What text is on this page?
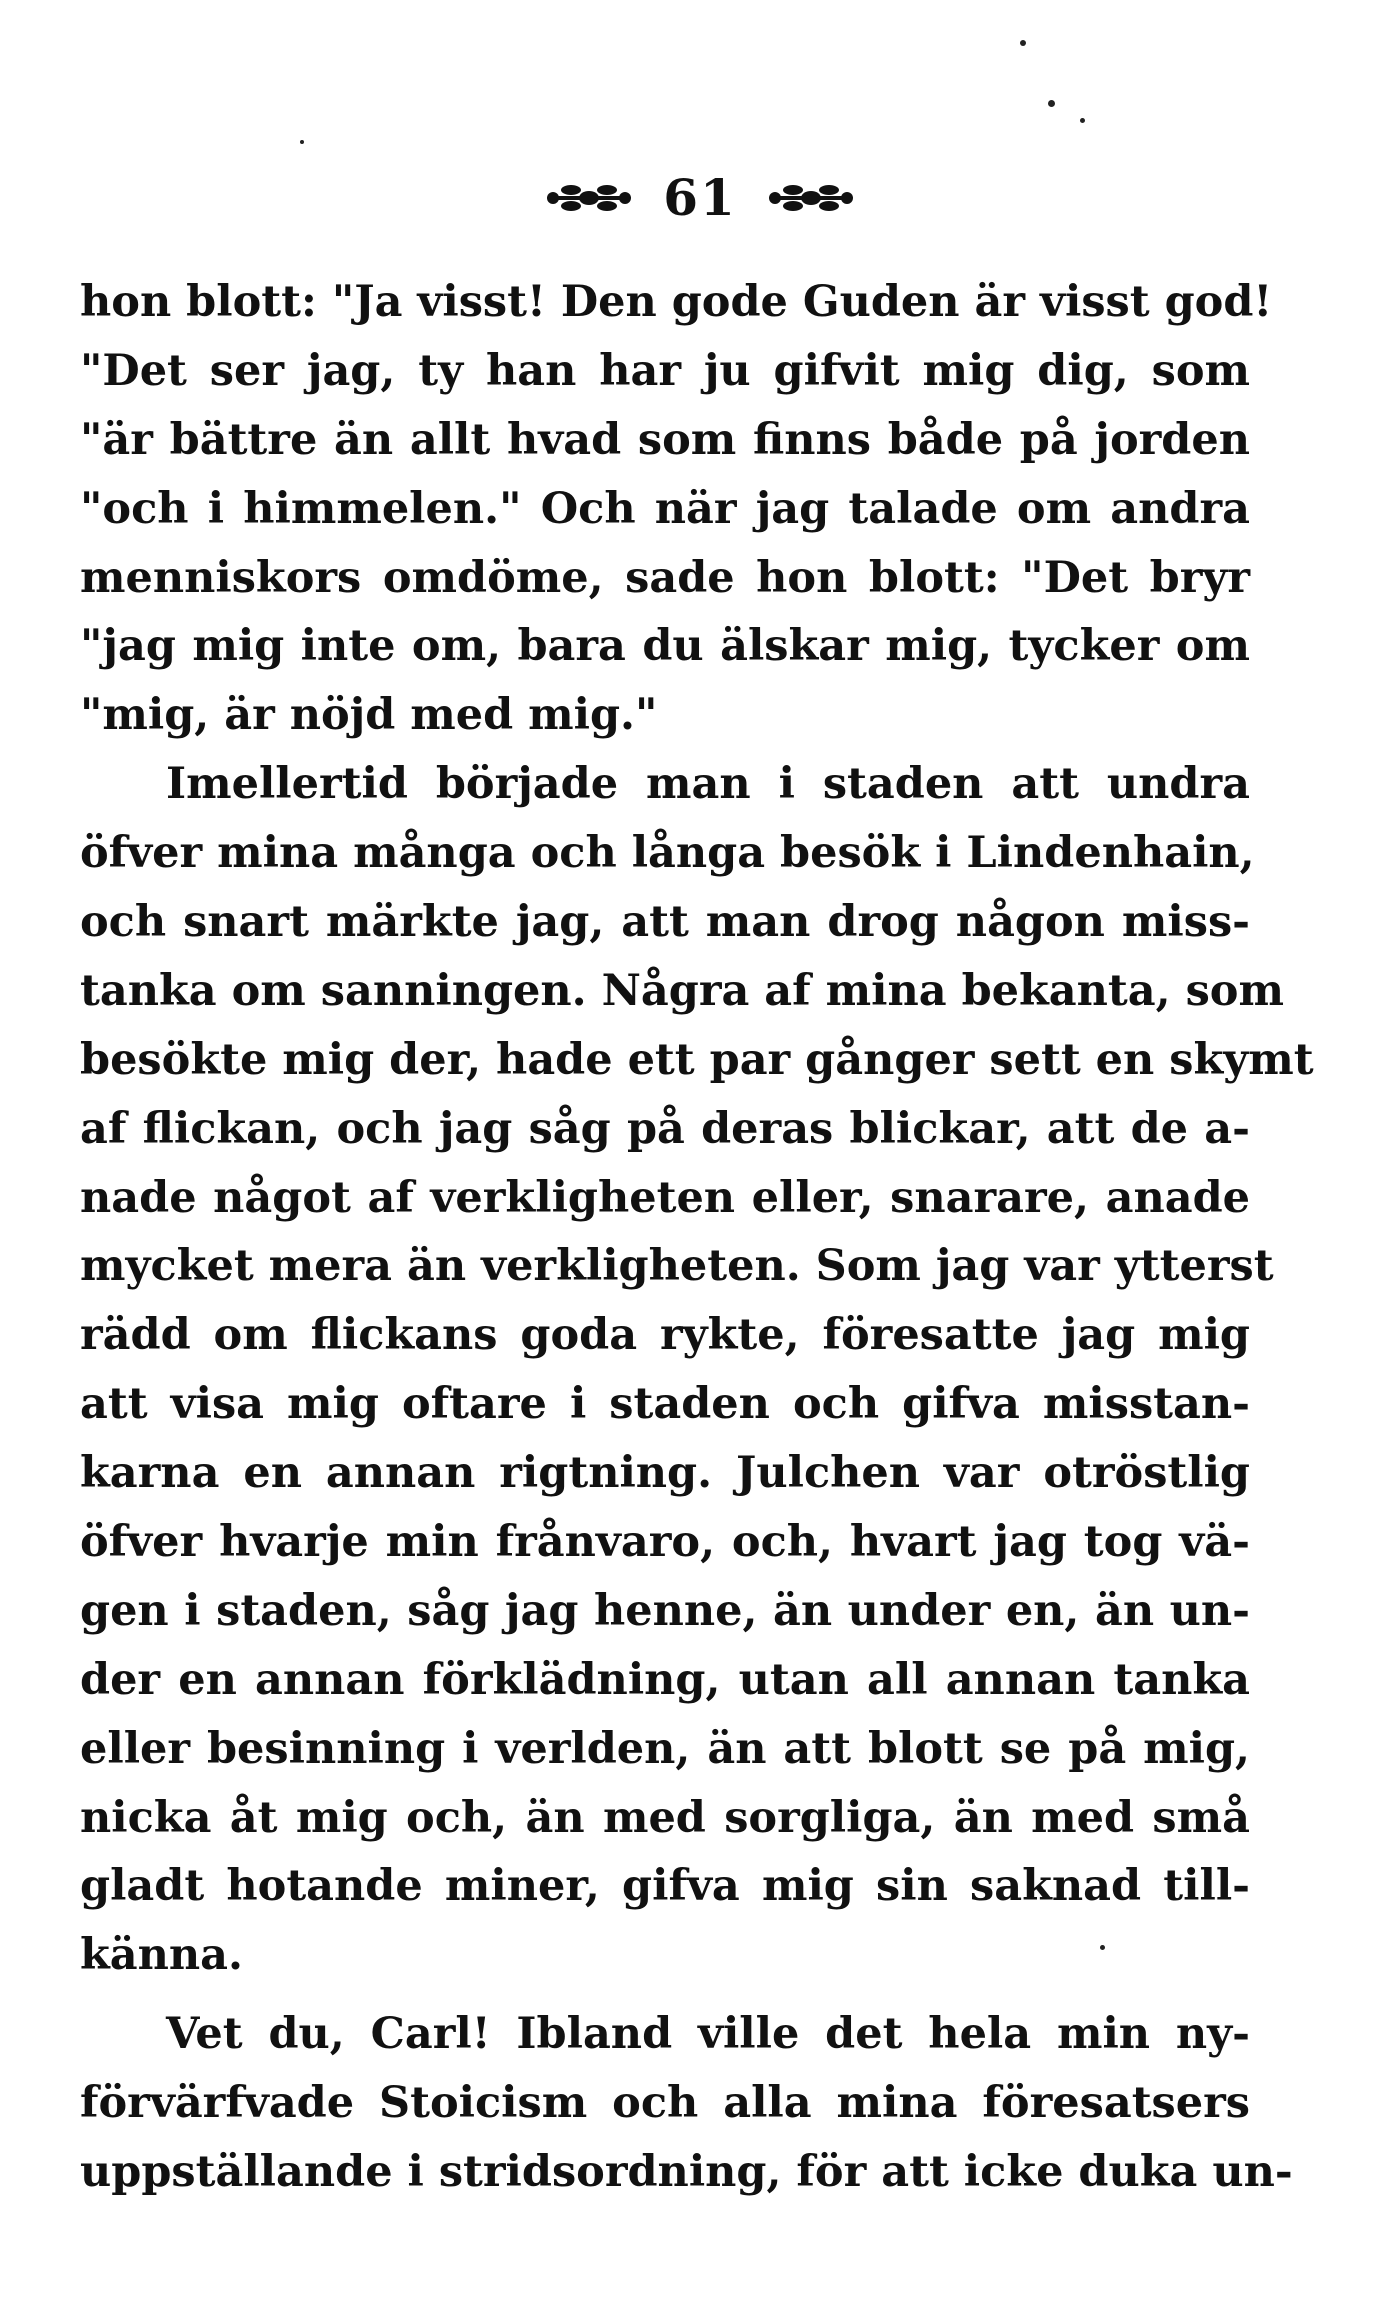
61
hon blott: "Ja visst! Den gode Guden är visst god!
"Det ser jag, ty han har ju gifvit mig dig, som
"är bättre än allt hvad som finns både på jorden
"och i himmelen." Och när jag talade om andra
menniskors omdöme, sade hon blott: "Det bryr
"jag mig inte om, bara du älskar mig, tycker om
"mig, är nöjd med mig."
Imellertid började man i staden att undra
öfver mina många och långa besök i Lindenhain,
och snart märkte jag, att man drog någon miss-
tanka om sanningen. Några af mina bekanta, som
besökte mig der, hade ett par gånger sett en skymt
af flickan, och jag såg på deras blickar, att de a-
nade något af verkligheten eller, snarare, anade
mycket mera än verkligheten. Som jag var ytterst
rädd om flickans goda rykte, föresatte jag mig
att visa mig oftare i staden och gifva misstan-
karna en annan rigtning. Julchen var otröstlig
öfver hvarje min frånvaro, och, hvart jag tog vä-
gen i staden, såg jag henne, än under en, än un-
der en annan förklädning, utan all annan tanka
eller besinning i verlden, än att blott se på mig,
nicka åt mig och, än med sorgliga, än med små
gladt hotande miner, gifva mig sin saknad till-
känna.
Vet du, Carl! Ibland ville det hela min ny-
förvärfvade Stoicism och alla mina föresatsers
uppställande i stridsordning, för att icke duka un-
